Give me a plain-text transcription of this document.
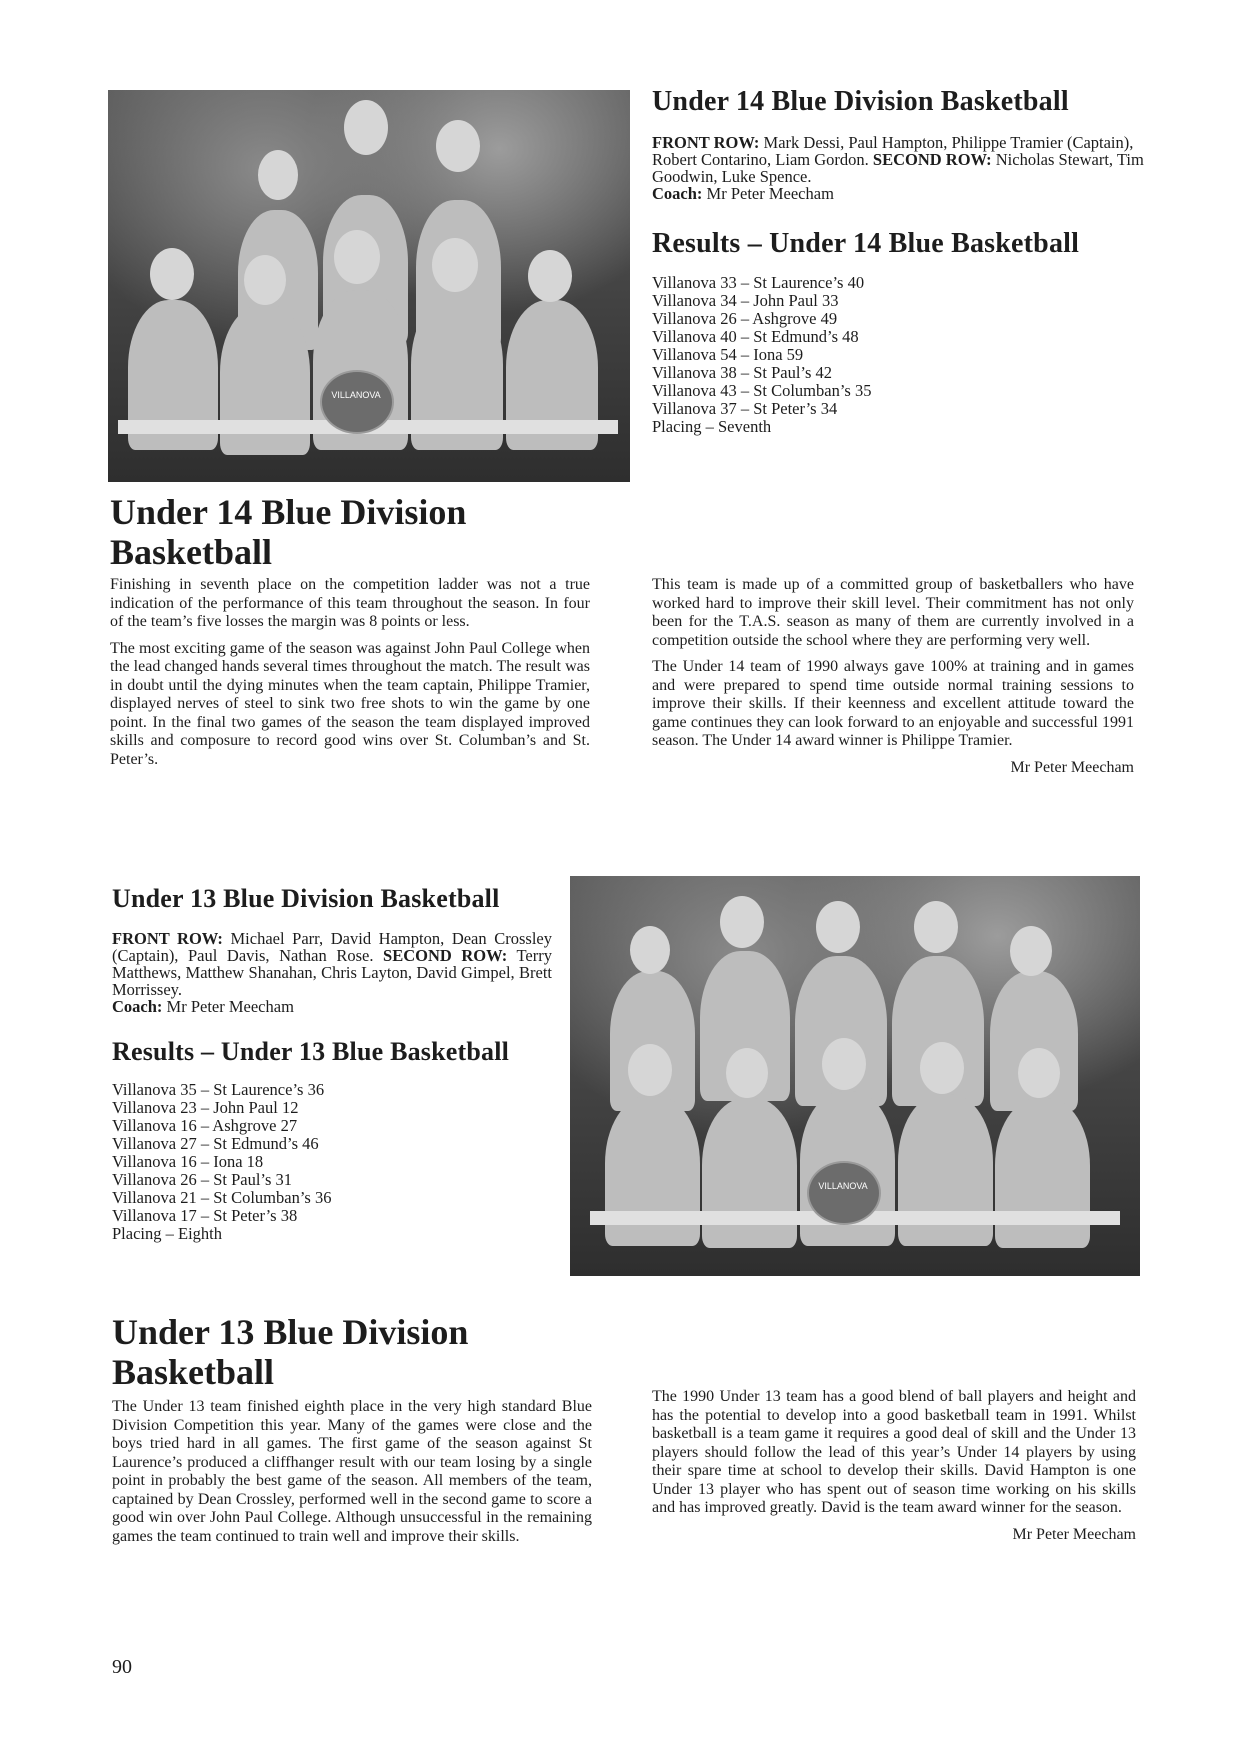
VILLANOVA
Under 14 Blue Division Basketball
FRONT ROW: Mark Dessi, Paul Hampton, Philippe Tramier (Captain), Robert Contarino, Liam Gordon. SECOND ROW: Nicholas Stewart, Tim Goodwin, Luke Spence.
Coach: Mr Peter Meecham
Results – Under 14 Blue Basketball
Villanova 33 – St Laurence’s 40
Villanova 34 – John Paul 33
Villanova 26 – Ashgrove 49
Villanova 40 – St Edmund’s 48
Villanova 54 – Iona 59
Villanova 38 – St Paul’s 42
Villanova 43 – St Columban’s 35
Villanova 37 – St Peter’s 34
Placing – Seventh
Under 14 Blue Division
Basketball

Finishing in seventh place on the competition ladder was not a true indication of the performance of this team throughout the season. In four of the team’s five losses the margin was 8 points or less.

The most exciting game of the season was against John Paul College when the lead changed hands several times throughout the match. The result was in doubt until the dying minutes when the team captain, Philippe Tramier, displayed nerves of steel to sink two free shots to win the game by one point. In the final two games of the season the team displayed improved skills and composure to record good wins over St. Columban’s and St. Peter’s.

This team is made up of a committed group of basketballers who have worked hard to improve their skill level. Their commitment has not only been for the T.A.S. season as many of them are currently involved in a competition outside the school where they are performing very well.

The Under 14 team of 1990 always gave 100% at training and in games and were prepared to spend time outside normal training sessions to improve their skills. If their keenness and excellent attitude toward the game continues they can look forward to an enjoyable and successful 1991 season. The Under 14 award winner is Philippe Tramier.

Mr Peter Meecham
Under 13 Blue Division Basketball
FRONT ROW: Michael Parr, David Hampton, Dean Crossley (Captain), Paul Davis, Nathan Rose. SECOND ROW: Terry Matthews, Matthew Shanahan, Chris Layton, David Gimpel, Brett Morrissey.
Coach: Mr Peter Meecham
Results – Under 13 Blue Basketball
Villanova 35 – St Laurence’s 36
Villanova 23 – John Paul 12
Villanova 16 – Ashgrove 27
Villanova 27 – St Edmund’s 46
Villanova 16 – Iona 18
Villanova 26 – St Paul’s 31
Villanova 21 – St Columban’s 36
Villanova 17 – St Peter’s 38
Placing – Eighth
VILLANOVA
Under 13 Blue Division
Basketball

The Under 13 team finished eighth place in the very high standard Blue Division Competition this year. Many of the games were close and the boys tried hard in all games. The first game of the season against St Laurence’s produced a cliffhanger result with our team losing by a single point in probably the best game of the season. All members of the team, captained by Dean Crossley, performed well in the second game to score a good win over John Paul College. Although unsuccessful in the remaining games the team continued to train well and improve their skills.

The 1990 Under 13 team has a good blend of ball players and height and has the potential to develop into a good basketball team in 1991. Whilst basketball is a team game it requires a good deal of skill and the Under 13 players should follow the lead of this year’s Under 14 players by using their spare time at school to develop their skills. David Hampton is one Under 13 player who has spent out of season time working on his skills and has improved greatly. David is the team award winner for the season.

Mr Peter Meecham
90
